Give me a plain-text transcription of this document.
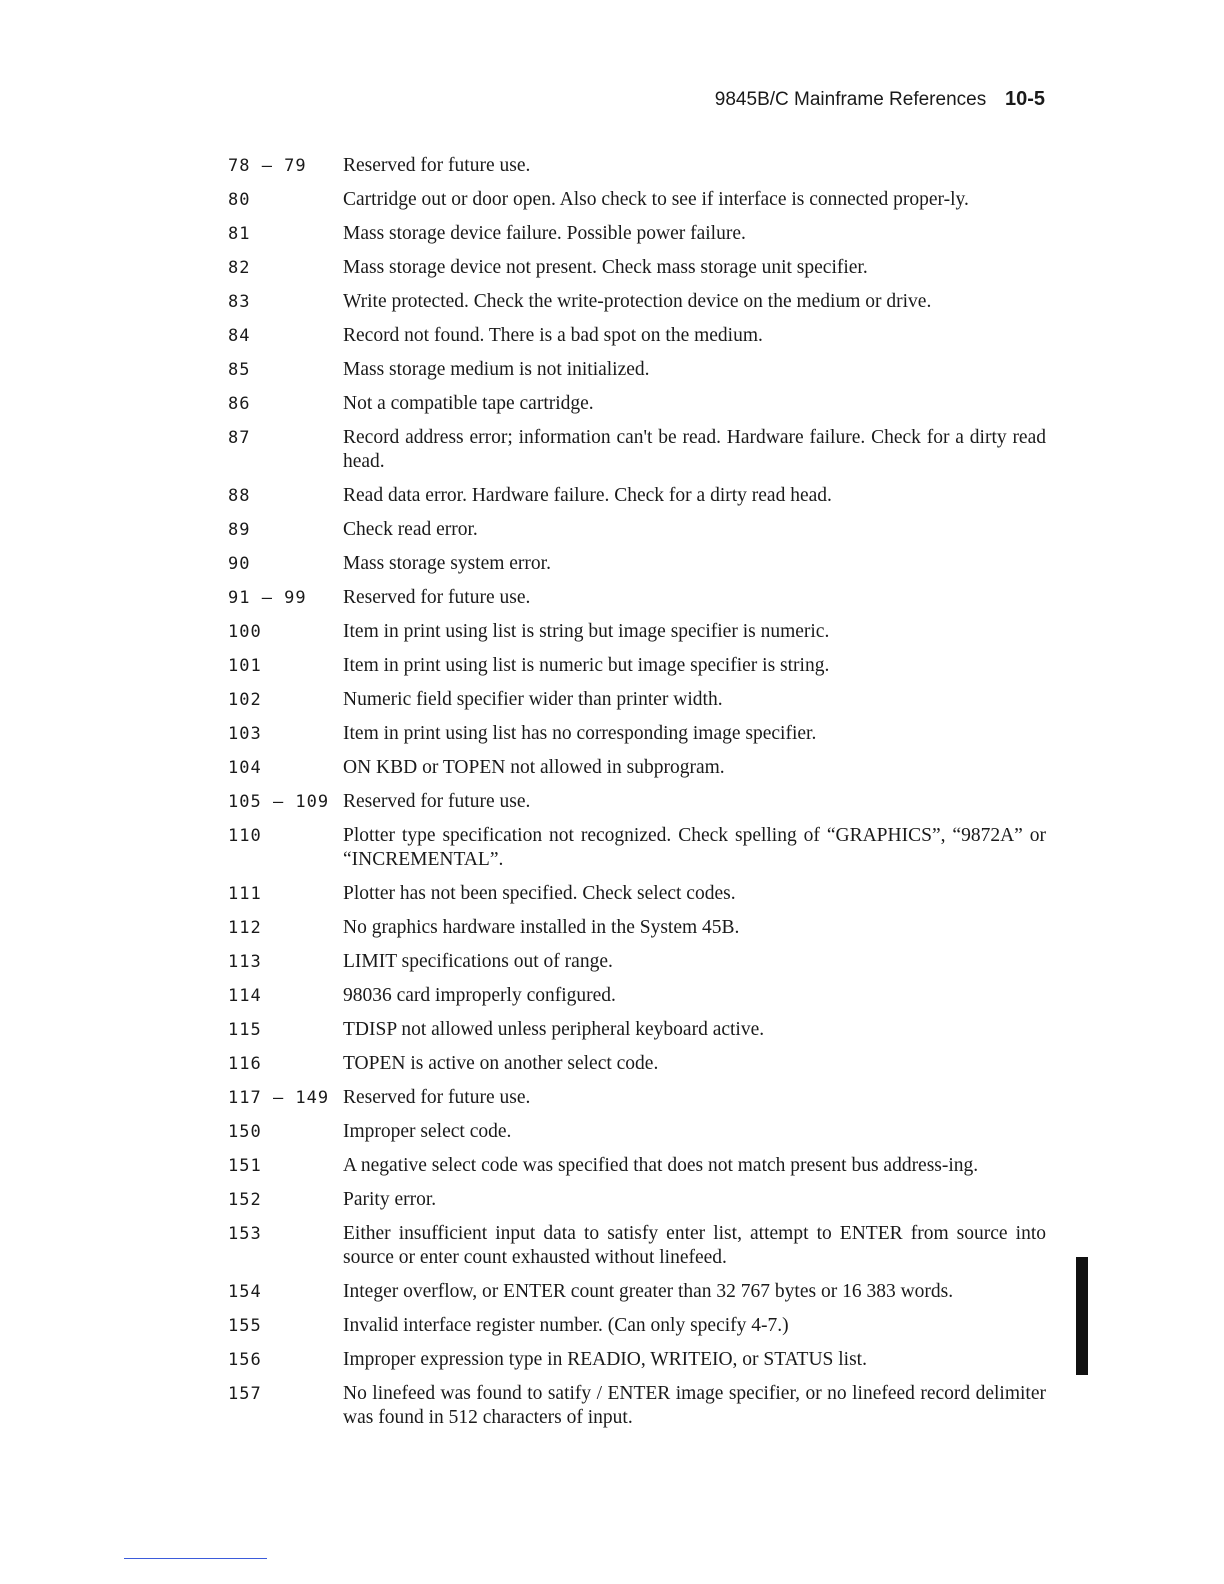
9845B/C Mainframe References 10-5
78 – 79	Reserved for future use.
80	Cartridge out or door open. Also check to see if interface is connected proper-ly.
81	Mass storage device failure. Possible power failure.
82	Mass storage device not present. Check mass storage unit specifier.
83	Write protected. Check the write-protection device on the medium or drive.
84	Record not found. There is a bad spot on the medium.
85	Mass storage medium is not initialized.
86	Not a compatible tape cartridge.
87	Record address error; information can't be read. Hardware failure. Check for a dirty read head.
88	Read data error. Hardware failure. Check for a dirty read head.
89	Check read error.
90	Mass storage system error.
91 – 99	Reserved for future use.
100	Item in print using list is string but image specifier is numeric.
101	Item in print using list is numeric but image specifier is string.
102	Numeric field specifier wider than printer width.
103	Item in print using list has no corresponding image specifier.
104	ON KBD or TOPEN not allowed in subprogram.
105 – 109 Reserved for future use.
110	Plotter type specification not recognized. Check spelling of “GRAPHICS”, “9872A” or “INCREMENTAL”.
111	Plotter has not been specified. Check select codes.
112	No graphics hardware installed in the System 45B.
113	LIMIT specifications out of range.
114	98036 card improperly configured.
115	TDISP not allowed unless peripheral keyboard active.
116	TOPEN is active on another select code.
117 – 149 Reserved for future use.
150	Improper select code.
151	A negative select code was specified that does not match present bus address-ing.
152	Parity error.
153	Either insufficient input data to satisfy enter list, attempt to ENTER from source into source or enter count exhausted without linefeed.
154	Integer overflow, or ENTER count greater than 32 767 bytes or 16 383 words.
155	Invalid interface register number. (Can only specify 4-7.)
156	Improper expression type in READIO, WRITEIO, or STATUS list.
157	No linefeed was found to satify / ENTER image specifier, or no linefeed record delimiter was found in 512 characters of input.
